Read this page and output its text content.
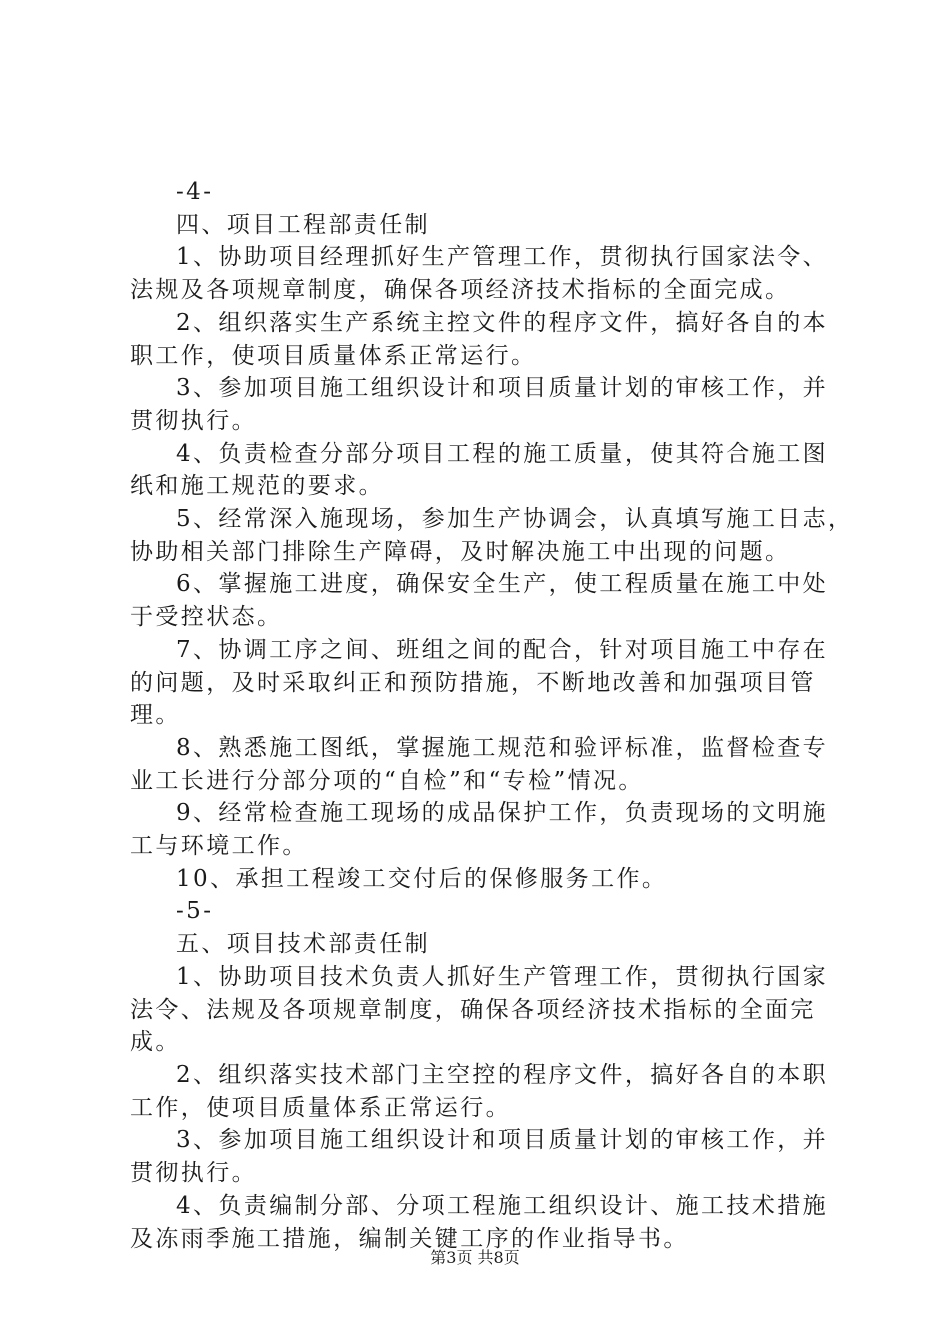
-4-
四、项目工程部责任制
1、协助项目经理抓好生产管理工作，贯彻执行国家法令、
法规及各项规章制度，确保各项经济技术指标的全面完成。
2、组织落实生产系统主控文件的程序文件，搞好各自的本
职工作，使项目质量体系正常运行。
3、参加项目施工组织设计和项目质量计划的审核工作，并
贯彻执行。
4、负责检查分部分项目工程的施工质量，使其符合施工图
纸和施工规范的要求。
5、经常深入施现场，参加生产协调会，认真填写施工日志，
协助相关部门排除生产障碍，及时解决施工中出现的问题。
6、掌握施工进度，确保安全生产，使工程质量在施工中处
于受控状态。
7、协调工序之间、班组之间的配合，针对项目施工中存在
的问题，及时采取纠正和预防措施，不断地改善和加强项目管
理。
8、熟悉施工图纸，掌握施工规范和验评标准，监督检查专
业工长进行分部分项的“自检”和“专检”情况。
9、经常检查施工现场的成品保护工作，负责现场的文明施
工与环境工作。
10、承担工程竣工交付后的保修服务工作。
-5-
五、项目技术部责任制
1、协助项目技术负责人抓好生产管理工作，贯彻执行国家
法令、法规及各项规章制度，确保各项经济技术指标的全面完
成。
2、组织落实技术部门主空控的程序文件，搞好各自的本职
工作，使项目质量体系正常运行。
3、参加项目施工组织设计和项目质量计划的审核工作，并
贯彻执行。
4、负责编制分部、分项工程施工组织设计、施工技术措施
及冻雨季施工措施，编制关键工序的作业指导书。
第3页 共8页
